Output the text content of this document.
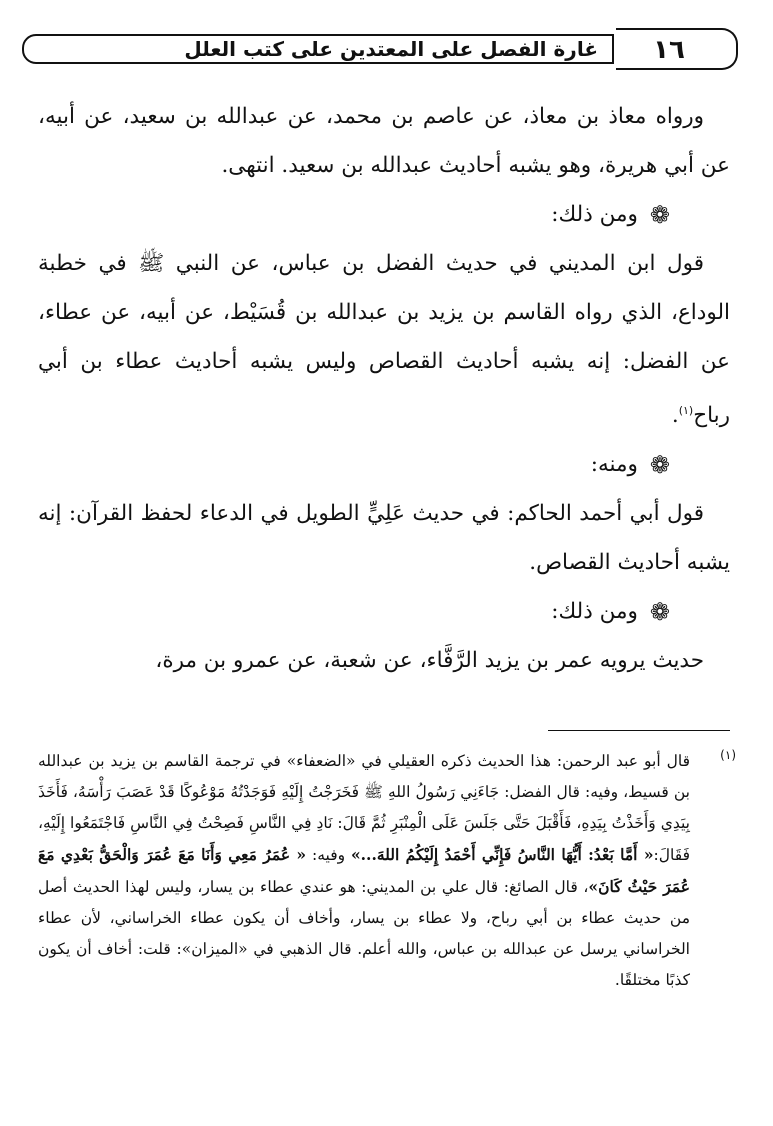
غارة الفصل على المعتدين على كتب العلل	١٦

ورواه معاذ بن معاذ، عن عاصم بن محمد، عن عبدالله بن سعيد، عن أبيه، عن أبي هريرة، وهو يشبه أحاديث عبدالله بن سعيد. انتهى.

❁
ومن ذلك:

قول ابن المديني في حديث الفضل بن عباس، عن النبي ﷺ في خطبة الوداع، الذي رواه القاسم بن يزيد بن عبدالله بن قُسَيْط، عن أبيه، عن عطاء، عن الفضل: إنه يشبه أحاديث القصاص وليس يشبه أحاديث عطاء بن أبي رباح$^{(١)}$.

❁
ومنه:

قول أبي أحمد الحاكم: في حديث عَلِيٍّ الطويل في الدعاء لحفظ القرآن: إنه يشبه أحاديث القصاص.

❁
ومن ذلك:

حديث يرويه عمر بن يزيد الرَّفَّاء، عن شعبة، عن عمرو بن مرة،

(١)
قال أبو عبد الرحمن: هذا الحديث ذكره العقيلي في «الضعفاء» في ترجمة القاسم بن يزيد بن عبدالله بن قسيط، وفيه: قال الفضل: جَاءَنِي رَسُولُ اللهِ ﷺ فَخَرَجْتُ إِلَيْهِ فَوَجَدْتُهُ مَوْعُوكًا قَدْ عَصَبَ رَأْسَهُ، فَأَخَذَ بِيَدِي وَأَخَذْتُ بِيَدِهِ، فَأَقْبَلَ حَتَّى جَلَسَ عَلَى الْمِنْبَرِ ثُمَّ قَالَ: نَادِ فِي النَّاسِ فَصِحْتُ فِي النَّاسِ فَاجْتَمَعُوا إِلَيْهِ، فَقَالَ:« أَمَّا بَعْدُ: أَيُّهَا النَّاسُ فَإِنِّي أَحْمَدُ إِلَيْكُمُ اللهَ...» وفيه: « عُمَرُ مَعِي وَأَنَا مَعَ عُمَرَ وَالْحَقُّ بَعْدِي مَعَ عُمَرَ حَيْثُ كَانَ»، قال الصائغ: قال علي بن المديني: هو عندي عطاء بن يسار، وليس لهذا الحديث أصل من حديث عطاء بن أبي رباح، ولا عطاء بن يسار، وأخاف أن يكون عطاء الخراساني، لأن عطاء الخراساني يرسل عن عبدالله بن عباس، والله أعلم. قال الذهبي في «الميزان»: قلت: أخاف أن يكون كذبًا مختلقًا.
